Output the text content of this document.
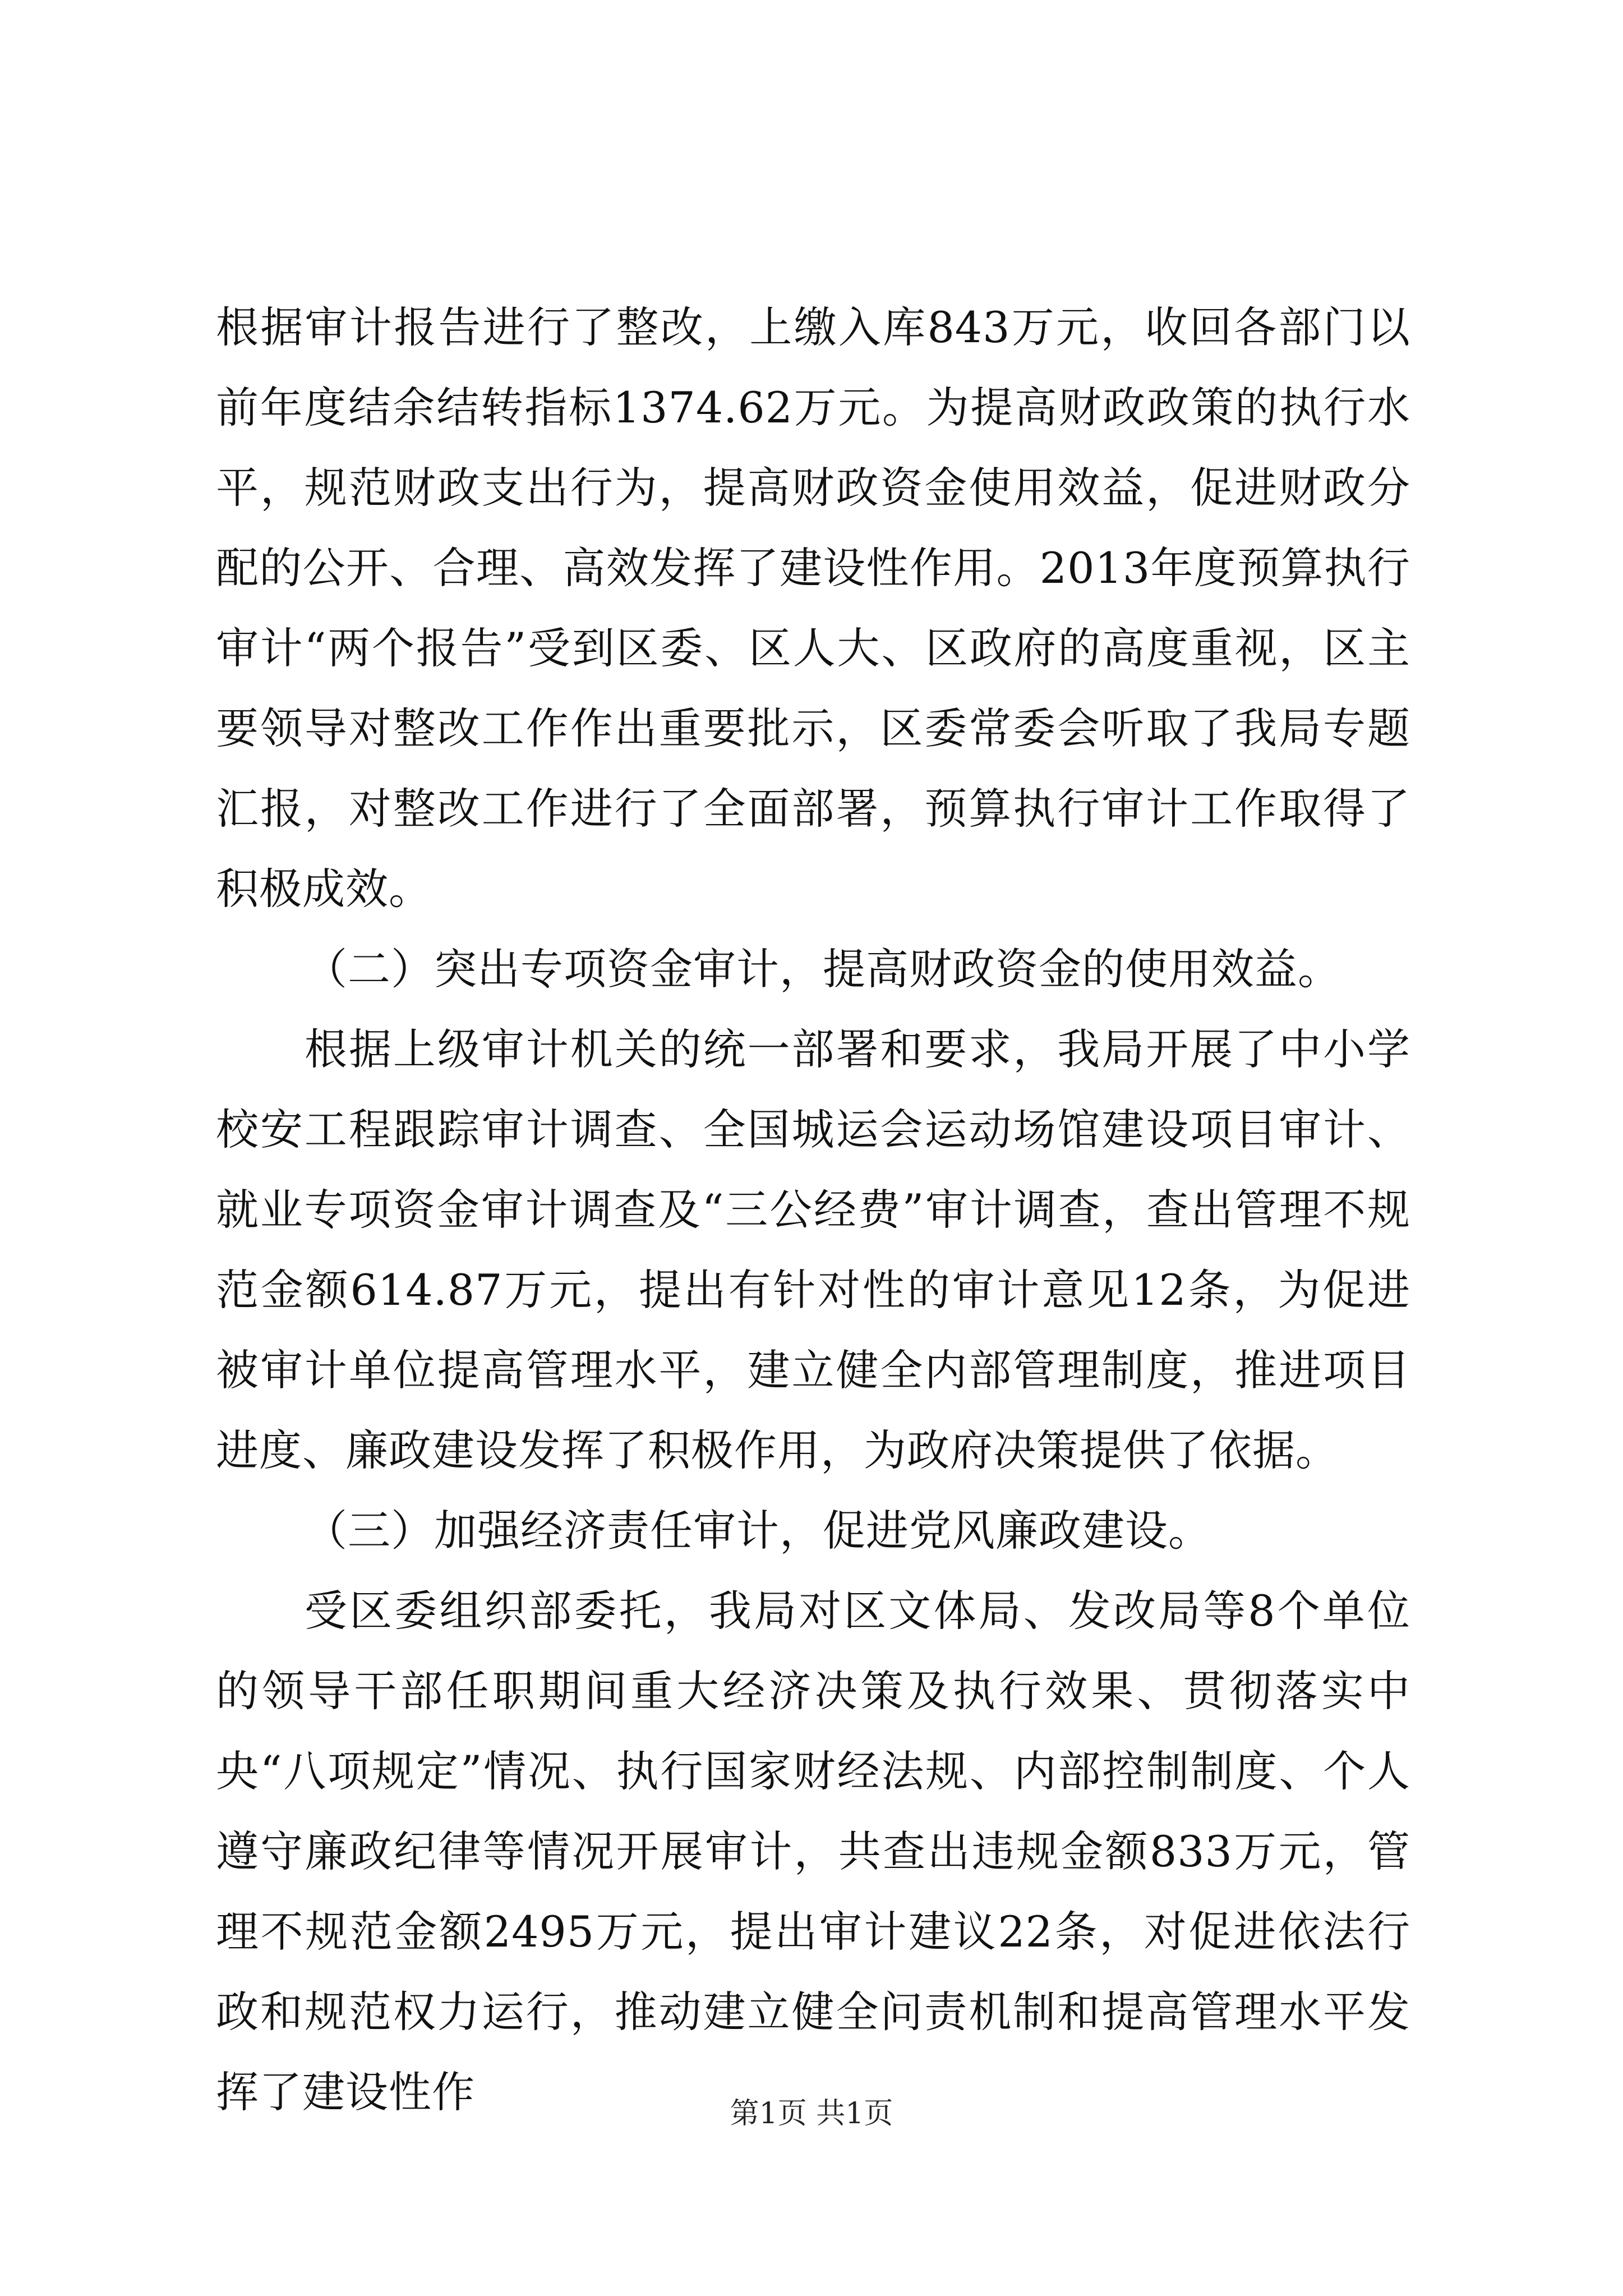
根据审计报告进行了整改，上缴入库843万元，收回各部门以前年度结余结转指标1374.62万元。为提高财政政策的执行水平，规范财政支出行为，提高财政资金使用效益，促进财政分配的公开、合理、高效发挥了建设性作用。2013年度预算执行审计“两个报告”受到区委、区人大、区政府的高度重视，区主要领导对整改工作作出重要批示，区委常委会听取了我局专题汇报，对整改工作进行了全面部署，预算执行审计工作取得了积极成效。

（二）突出专项资金审计，提高财政资金的使用效益。

根据上级审计机关的统一部署和要求，我局开展了中小学校安工程跟踪审计调查、全国城运会运动场馆建设项目审计、就业专项资金审计调查及“三公经费”审计调查，查出管理不规范金额614.87万元，提出有针对性的审计意见12条，为促进被审计单位提高管理水平，建立健全内部管理制度，推进项目进度、廉政建设发挥了积极作用，为政府决策提供了依据。

（三）加强经济责任审计，促进党风廉政建设。

受区委组织部委托，我局对区文体局、发改局等8个单位的领导干部任职期间重大经济决策及执行效果、贯彻落实中央“八项规定”情况、执行国家财经法规、内部控制制度、个人遵守廉政纪律等情况开展审计，共查出违规金额833万元，管理不规范金额2495万元，提出审计建议22条，对促进依法行政和规范权力运行，推动建立健全问责机制和提高管理水平发挥了建设性作	第1页 共1页
